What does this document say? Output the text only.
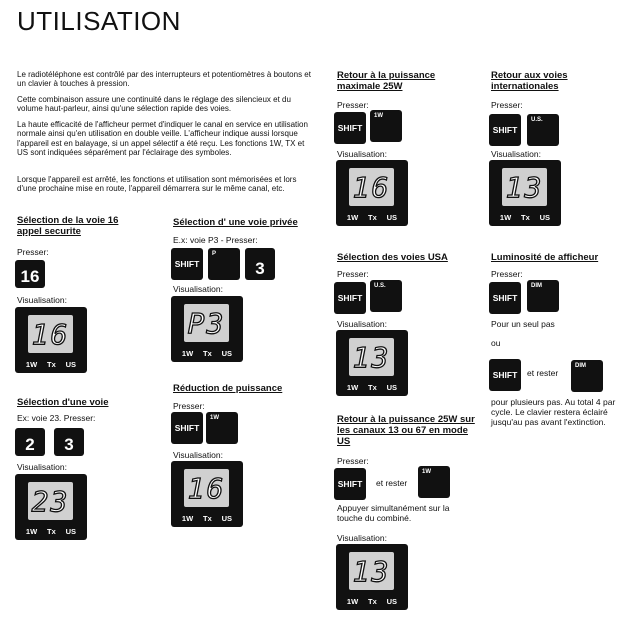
UTILISATION
Le radiotéléphone est contrôlé par des interrupteurs et potentiomètres à boutons et un clavier à touches à pression.
Cette combinaison assure une continuité dans le réglage des silencieux et du volume haut-parleur, ainsi qu'une sélection rapide des voies.
La haute efficacité de l'afficheur permet d'indiquer le canal en service en utilisation normale ainsi qu'en utilisation en double veille. L'afficheur indique aussi lorsque l'appareil est en balayage, si un appel sélectif a été reçu. Les fonctions 1W, TX et US sont indiquées séparément par l'éclairage des symboles.
Lorsque l'appareil est arrêté, les fonctions et utilisation sont mémorisées et lors d'une prochaine mise en route, l'appareil démarrera sur le même canal, etc.
Sélection de la voie 16 appel securite
Presser:
16
Visualisation:
16
1W Tx US
Sélection d'une voie
Ex: voie 23. Presser:
2	3
Visualisation:
23
1W Tx US
Sélection d' une voie privée
E.x: voie P3 - Presser:
SHIFT
P
3
Visualisation:
P3
1W Tx US
Réduction de puissance
Presser:
SHIFT
1W
Visualisation:
16
1W Tx US
Retour à la puissance maximale 25W
Presser:
SHIFT
1W
Visualisation:
16
1W Tx US
Sélection des voies USA
Presser:
SHIFT
U.S.
Visualisation:
13
1W Tx US
Retour à la puissance 25W sur les canaux 13 ou 67 en mode US
Presser:
SHIFT	et rester
1W
Appuyer simultanément sur la touche du combiné.
Visualisation:
13
1W Tx US
Retour aux voies internationales
Presser:
SHIFT
U.S.
Visualisation:
13
1W Tx US
Luminosité de afficheur
Presser:
SHIFT
DIM
Pour un seul pas
ou
SHIFT	et rester
DIM
pour plusieurs pas. Au total 4 par cycle. Le clavier restera éclairé jusqu'au pas avant l'extinction.
